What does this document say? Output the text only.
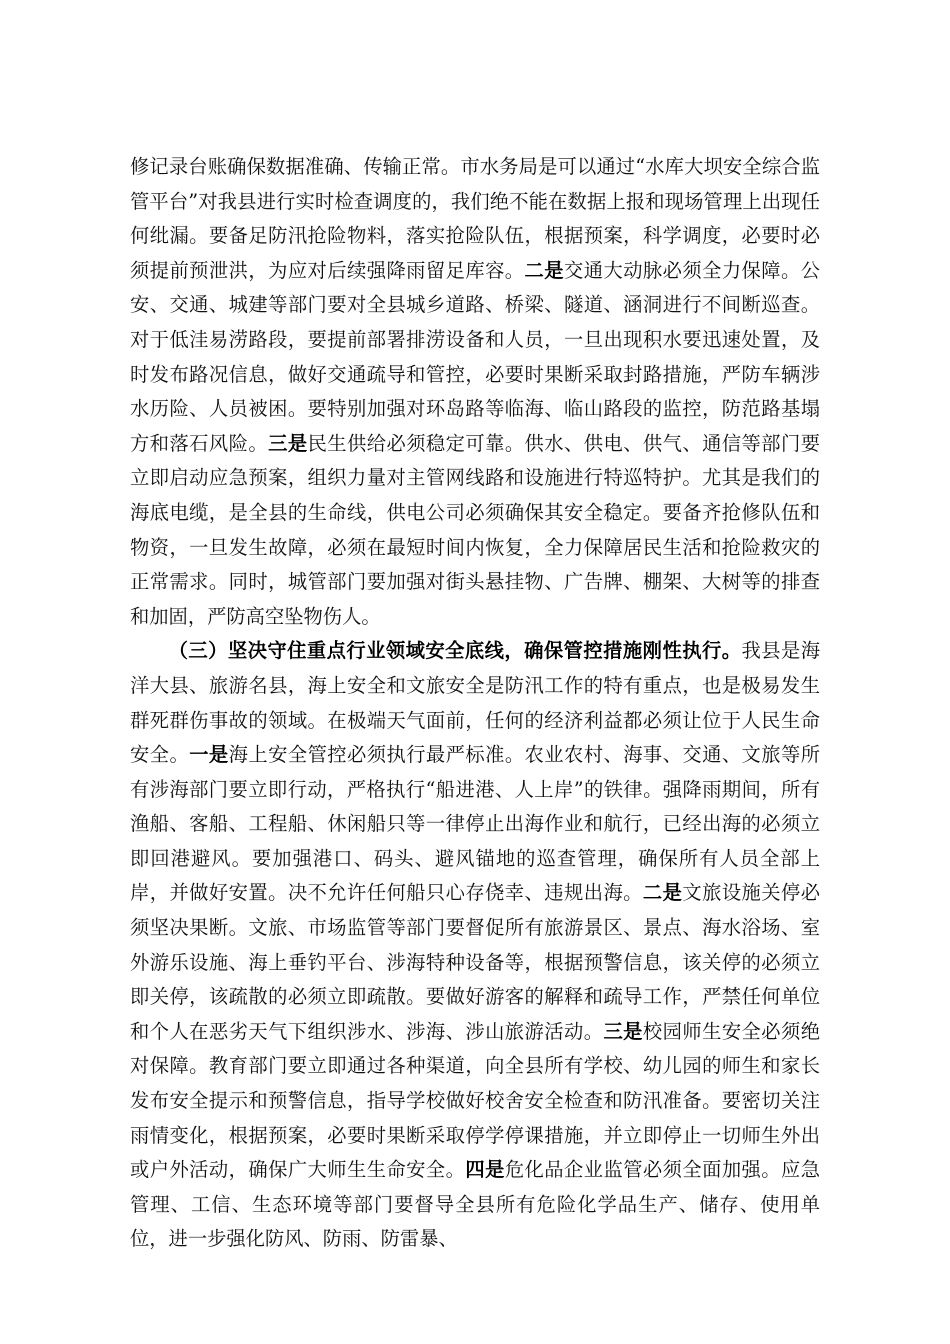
修记录台账确保数据准确、传输正常。市水务局是可以通过“水库大坝安全综合监管平台”对我县进行实时检查调度的，我们绝不能在数据上报和现场管理上出现任何纰漏。要备足防汛抢险物料，落实抢险队伍，根据预案，科学调度，必要时必须提前预泄洪，为应对后续强降雨留足库容。二是交通大动脉必须全力保障。公安、交通、城建等部门要对全县城乡道路、桥梁、隧道、涵洞进行不间断巡查。对于低洼易涝路段，要提前部署排涝设备和人员，一旦出现积水要迅速处置，及时发布路况信息，做好交通疏导和管控，必要时果断采取封路措施，严防车辆涉水历险、人员被困。要特别加强对环岛路等临海、临山路段的监控，防范路基塌方和落石风险。三是民生供给必须稳定可靠。供水、供电、供气、通信等部门要立即启动应急预案，组织力量对主管网线路和设施进行特巡特护。尤其是我们的海底电缆，是全县的生命线，供电公司必须确保其安全稳定。要备齐抢修队伍和物资，一旦发生故障，必须在最短时间内恢复，全力保障居民生活和抢险救灾的正常需求。同时，城管部门要加强对街头悬挂物、广告牌、棚架、大树等的排查和加固，严防高空坠物伤人。

（三）坚决守住重点行业领域安全底线，确保管控措施刚性执行。我县是海洋大县、旅游名县，海上安全和文旅安全是防汛工作的特有重点，也是极易发生群死群伤事故的领域。在极端天气面前，任何的经济利益都必须让位于人民生命安全。一是海上安全管控必须执行最严标准。农业农村、海事、交通、文旅等所有涉海部门要立即行动，严格执行“船进港、人上岸”的铁律。强降雨期间，所有渔船、客船、工程船、休闲船只等一律停止出海作业和航行，已经出海的必须立即回港避风。要加强港口、码头、避风锚地的巡查管理，确保所有人员全部上岸，并做好安置。决不允许任何船只心存侥幸、违规出海。二是文旅设施关停必须坚决果断。文旅、市场监管等部门要督促所有旅游景区、景点、海水浴场、室外游乐设施、海上垂钓平台、涉海特种设备等，根据预警信息，该关停的必须立即关停，该疏散的必须立即疏散。要做好游客的解释和疏导工作，严禁任何单位和个人在恶劣天气下组织涉水、涉海、涉山旅游活动。三是校园师生安全必须绝对保障。教育部门要立即通过各种渠道，向全县所有学校、幼儿园的师生和家长发布安全提示和预警信息，指导学校做好校舍安全检查和防汛准备。要密切关注雨情变化，根据预案，必要时果断采取停学停课措施，并立即停止一切师生外出或户外活动，确保广大师生生命安全。四是危化品企业监管必须全面加强。应急管理、工信、生态环境等部门要督导全县所有危险化学品生产、储存、使用单位，进一步强化防风、防雨、防雷暴、
